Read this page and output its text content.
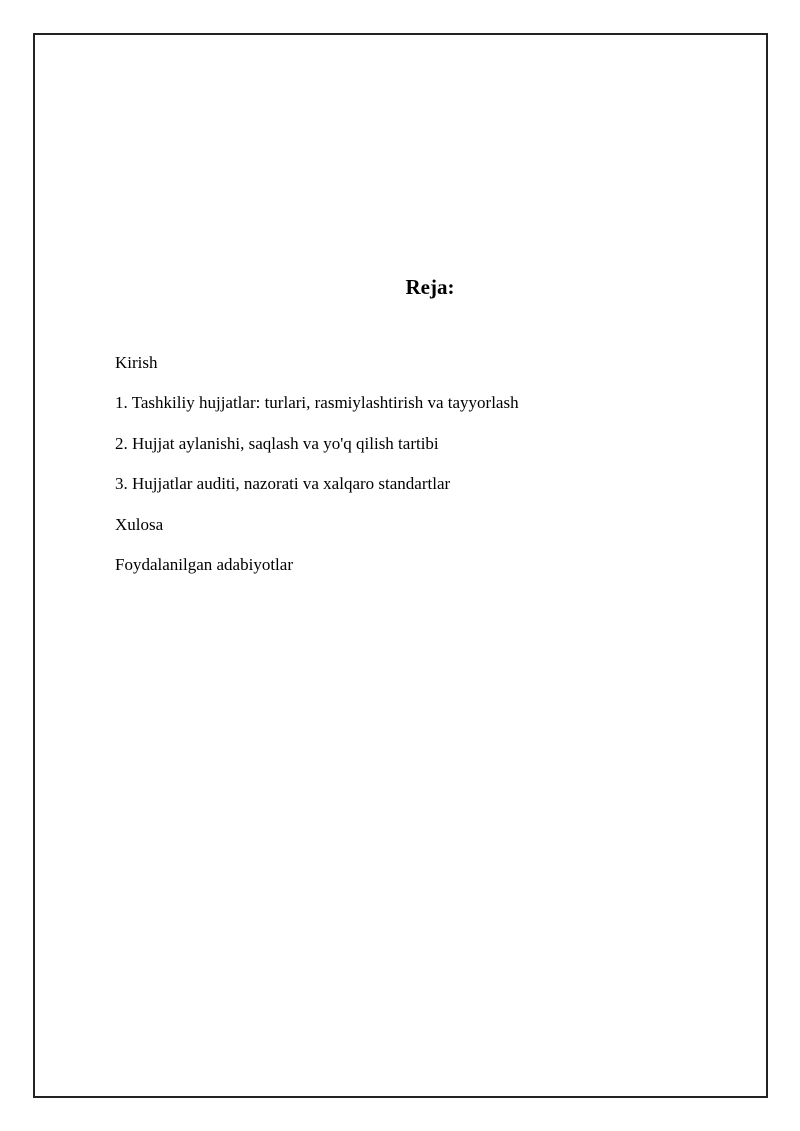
Reja:
Kirish
1. Tashkiliy hujjatlar: turlari, rasmiylashtirish va tayyorlash
2. Hujjat aylanishi, saqlash va yo'q qilish tartibi
3. Hujjatlar auditi, nazorati va xalqaro standartlar
Xulosa
Foydalanilgan adabiyotlar
